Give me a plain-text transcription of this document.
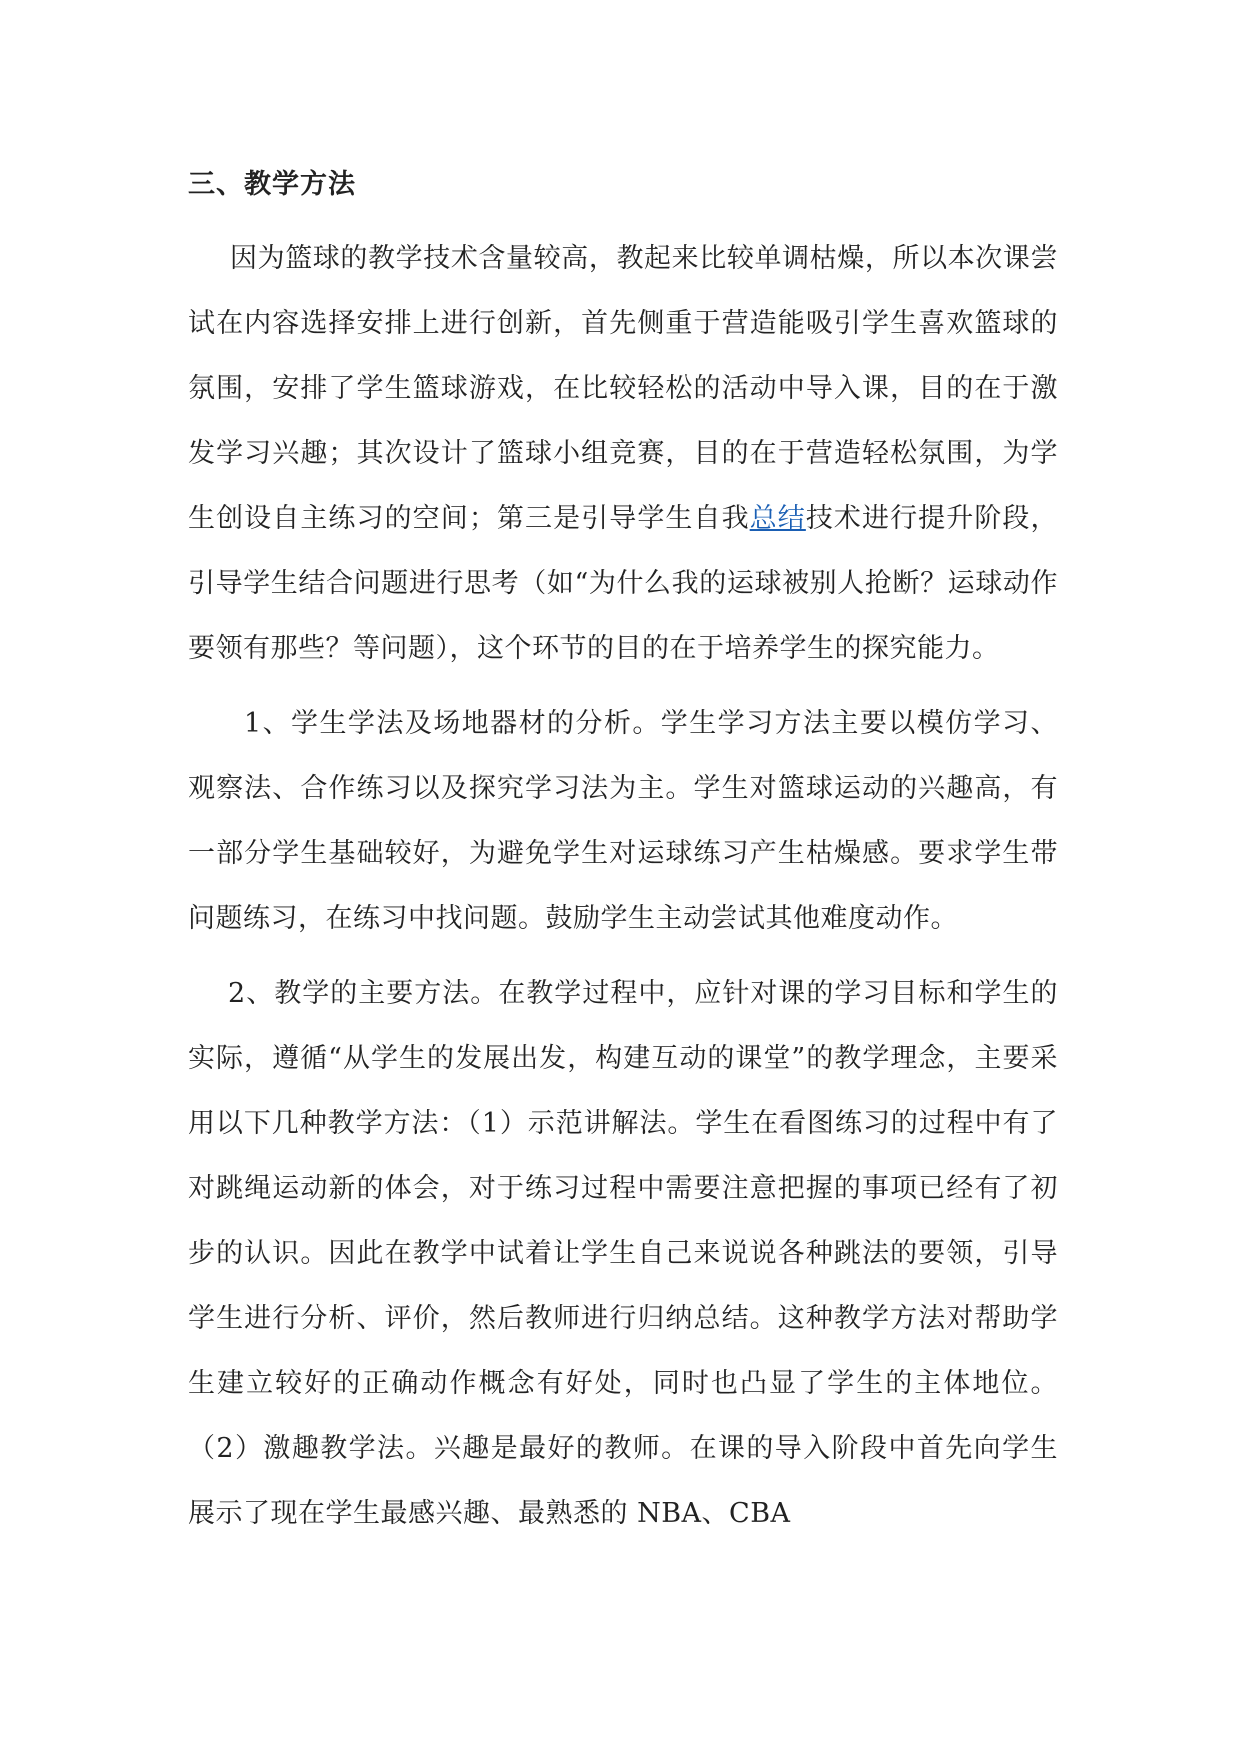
三、教学方法

因为篮球的教学技术含量较高，教起来比较单调枯燥，所以本次课尝试在内容选择安排上进行创新，首先侧重于营造能吸引学生喜欢篮球的氛围，安排了学生篮球游戏，在比较轻松的活动中导入课，目的在于激发学习兴趣；其次设计了篮球小组竞赛，目的在于营造轻松氛围，为学生创设自主练习的空间；第三是引导学生自我总结技术进行提升阶段，引导学生结合问题进行思考（如“为什么我的运球被别人抢断？运球动作要领有那些？等问题），这个环节的目的在于培养学生的探究能力。

1、学生学法及场地器材的分析。学生学习方法主要以模仿学习、观察法、合作练习以及探究学习法为主。学生对篮球运动的兴趣高，有一部分学生基础较好，为避免学生对运球练习产生枯燥感。要求学生带问题练习，在练习中找问题。鼓励学生主动尝试其他难度动作。

2、教学的主要方法。在教学过程中，应针对课的学习目标和学生的实际，遵循“从学生的发展出发，构建互动的课堂”的教学理念，主要采用以下几种教学方法：（1）示范讲解法。学生在看图练习的过程中有了对跳绳运动新的体会，对于练习过程中需要注意把握的事项已经有了初步的认识。因此在教学中试着让学生自己来说说各种跳法的要领，引导学生进行分析、评价，然后教师进行归纳总结。这种教学方法对帮助学生建立较好的正确动作概念有好处，同时也凸显了学生的主体地位。（2）激趣教学法。兴趣是最好的教师。在课的导入阶段中首先向学生展示了现在学生最感兴趣、最熟悉的 NBA、CBA
